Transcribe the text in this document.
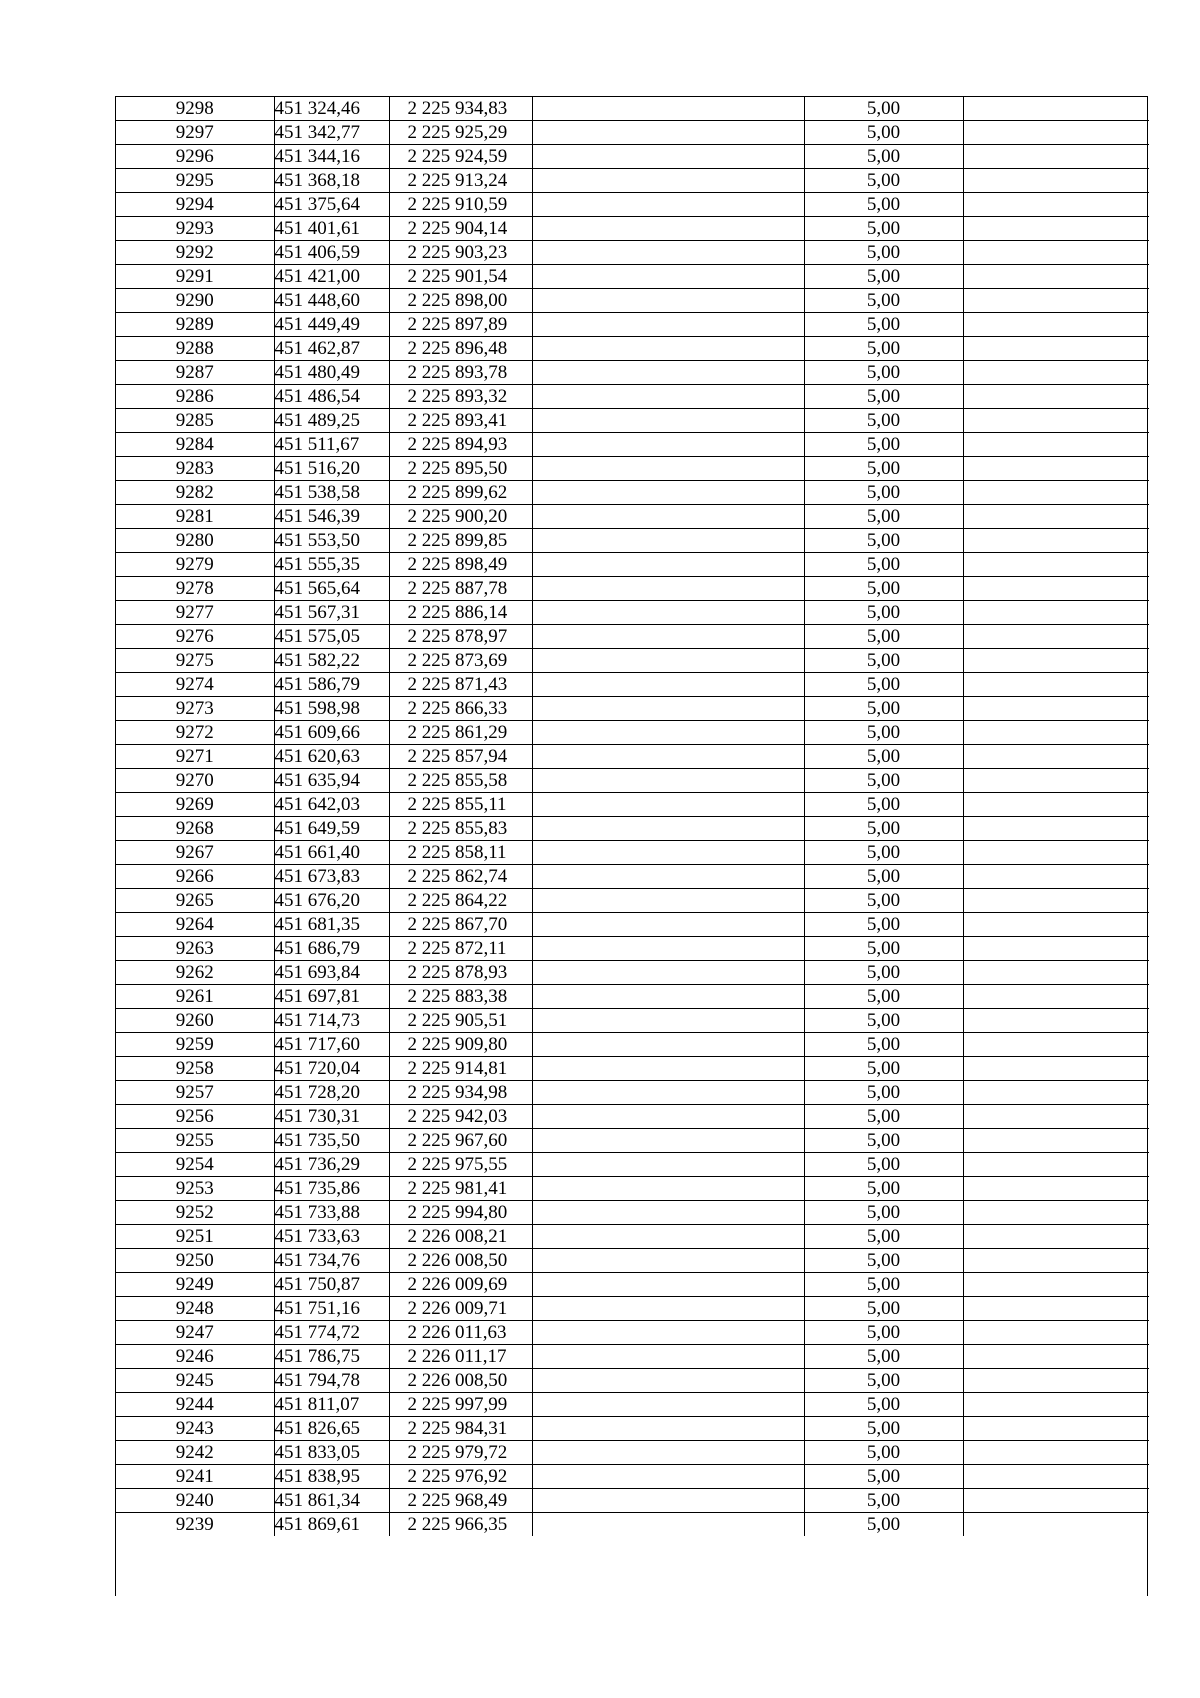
9298	451 324,46	2 225 934,83		5,00	
9297	451 342,77	2 225 925,29		5,00	
9296	451 344,16	2 225 924,59		5,00	
9295	451 368,18	2 225 913,24		5,00	
9294	451 375,64	2 225 910,59		5,00	
9293	451 401,61	2 225 904,14		5,00	
9292	451 406,59	2 225 903,23		5,00	
9291	451 421,00	2 225 901,54		5,00	
9290	451 448,60	2 225 898,00		5,00	
9289	451 449,49	2 225 897,89		5,00	
9288	451 462,87	2 225 896,48		5,00	
9287	451 480,49	2 225 893,78		5,00	
9286	451 486,54	2 225 893,32		5,00	
9285	451 489,25	2 225 893,41		5,00	
9284	451 511,67	2 225 894,93		5,00	
9283	451 516,20	2 225 895,50		5,00	
9282	451 538,58	2 225 899,62		5,00	
9281	451 546,39	2 225 900,20		5,00	
9280	451 553,50	2 225 899,85		5,00	
9279	451 555,35	2 225 898,49		5,00	
9278	451 565,64	2 225 887,78		5,00	
9277	451 567,31	2 225 886,14		5,00	
9276	451 575,05	2 225 878,97		5,00	
9275	451 582,22	2 225 873,69		5,00	
9274	451 586,79	2 225 871,43		5,00	
9273	451 598,98	2 225 866,33		5,00	
9272	451 609,66	2 225 861,29		5,00	
9271	451 620,63	2 225 857,94		5,00	
9270	451 635,94	2 225 855,58		5,00	
9269	451 642,03	2 225 855,11		5,00	
9268	451 649,59	2 225 855,83		5,00	
9267	451 661,40	2 225 858,11		5,00	
9266	451 673,83	2 225 862,74		5,00	
9265	451 676,20	2 225 864,22		5,00	
9264	451 681,35	2 225 867,70		5,00	
9263	451 686,79	2 225 872,11		5,00	
9262	451 693,84	2 225 878,93		5,00	
9261	451 697,81	2 225 883,38		5,00	
9260	451 714,73	2 225 905,51		5,00	
9259	451 717,60	2 225 909,80		5,00	
9258	451 720,04	2 225 914,81		5,00	
9257	451 728,20	2 225 934,98		5,00	
9256	451 730,31	2 225 942,03		5,00	
9255	451 735,50	2 225 967,60		5,00	
9254	451 736,29	2 225 975,55		5,00	
9253	451 735,86	2 225 981,41		5,00	
9252	451 733,88	2 225 994,80		5,00	
9251	451 733,63	2 226 008,21		5,00	
9250	451 734,76	2 226 008,50		5,00	
9249	451 750,87	2 226 009,69		5,00	
9248	451 751,16	2 226 009,71		5,00	
9247	451 774,72	2 226 011,63		5,00	
9246	451 786,75	2 226 011,17		5,00	
9245	451 794,78	2 226 008,50		5,00	
9244	451 811,07	2 225 997,99		5,00	
9243	451 826,65	2 225 984,31		5,00	
9242	451 833,05	2 225 979,72		5,00	
9241	451 838,95	2 225 976,92		5,00	
9240	451 861,34	2 225 968,49		5,00	
9239	451 869,61	2 225 966,35		5,00	
